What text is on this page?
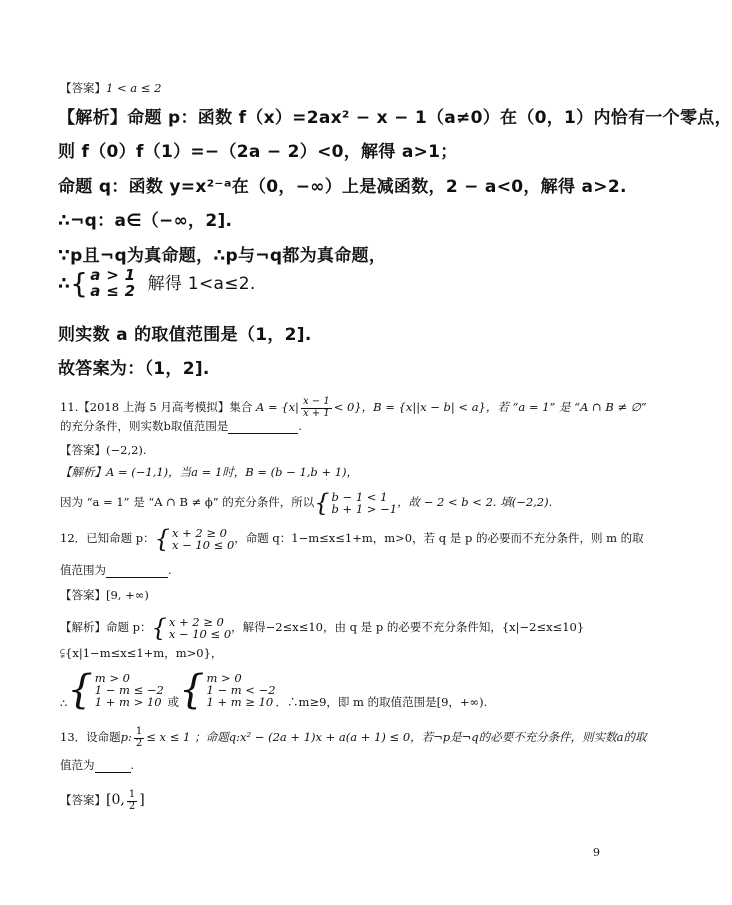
【答案】1 < a ≤ 2
【解析】命题 p：函数 f（x）=2ax² − x − 1（a≠0）在（0，1）内恰有一个零点，
则 f（0）f（1）=−（2a − 2）<0，解得 a>1；
命题 q：函数 y=x²⁻ᵃ在（0，−∞）上是减函数，2 − a<0，解得 a>2.
∴¬q：a∈（−∞，2].
∵p且¬q为真命题，∴p与¬q都为真命题，
∴ { a > 1
a ≤ 2 解得 1<a≤2.
则实数 a 的取值范围是（1，2].
故答案为：（1，2].
11.【2018 上海 5 月高考模拟】集合 $A = \{x| \frac{x - 1}{x + 1} < 0\}$，B = {x||x − b| < a}，若 “a = 1” 是 “A ∩ B ≠ ∅”
的充分条件，则实数b取值范围是	.
【答案】(−2,2).
【解析】A = (−1,1)，当a = 1时，B = (b − 1,b + 1)，
因为 “a = 1” 是 “A ∩ B ≠ ϕ” 的充分条件，所以 { b − 1 < 1
b + 1 > −1 ，故 − 2 < b < 2. 填(−2,2).
12．已知命题 p： { x + 2 ≥ 0
x − 10 ≤ 0 ，命题 q：1−m≤x≤1+m，m>0，若 q 是 p 的必要而不充分条件，则 m 的取
值范围为	.
【答案】[9, +∞)
【解析】命题 p： { x + 2 ≥ 0
x − 10 ≤ 0 ，解得−2≤x≤10，由 q 是 p 的必要不充分条件知，{x|−2≤x≤10}
⫋{x|1−m≤x≤1+m，m>0}，
∴ { m > 0
1 − m ≤ −2
1 + m > 10 或 { m > 0
1 − m < −2
1 + m ≥ 10 ．∴m≥9，即 m 的取值范围是[9，+∞).
13．设命题p: $\frac{1}{2} \le x \le 1$ ；命题q:x² − (2a + 1)x + a(a + 1) ≤ 0，若¬p是¬q的必要不充分条件，则实数a的取
值范为	.
【答案】[0, $\frac{1}{2}$ ]
9
